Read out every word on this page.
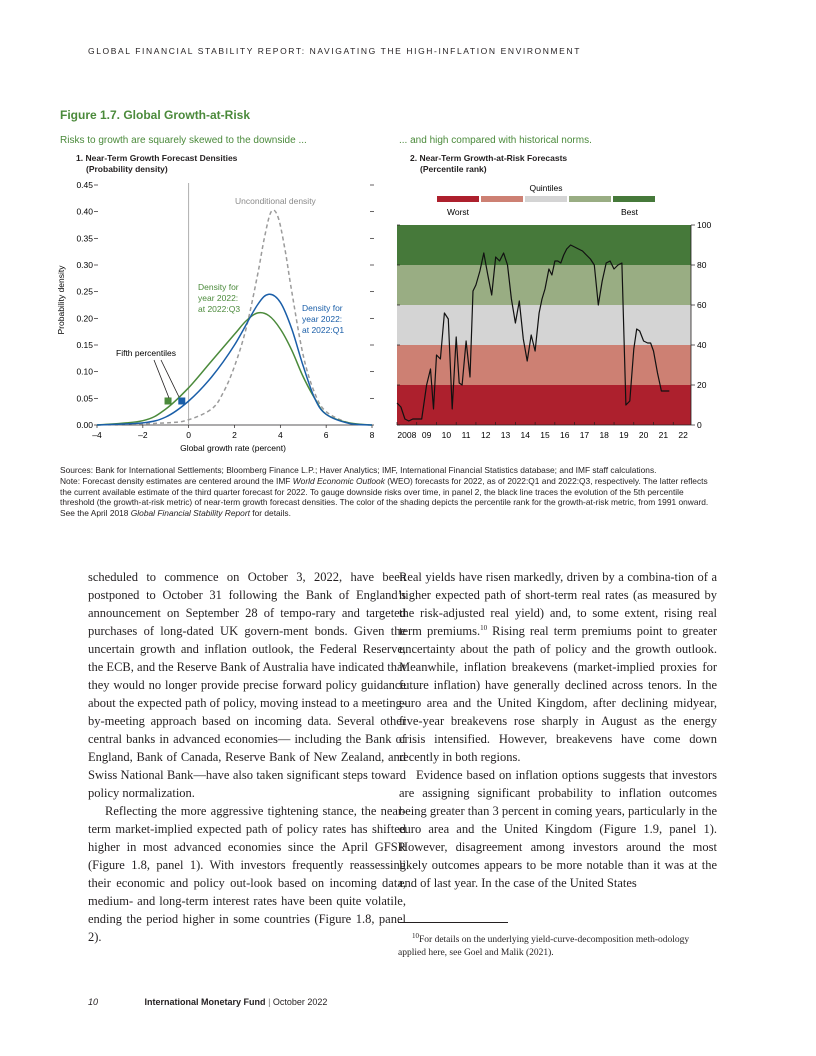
GLOBAL FINANCIAL STABILITY REPORT: NAVIGATING THE HIGH-INFLATION ENVIRONMENT
Figure 1.7. Global Growth-at-Risk
Risks to growth are squarely skewed to the downside ...	... and high compared with historical norms.
1. Near-Term Growth Forecast Densities
(Probability density)
2. Near-Term Growth-at-Risk Forecasts
(Percentile rank)
0.00
0.05
0.10
0.15
0.20
0.25
0.30
0.35
0.40
0.45
–4	–2	0	2	4	6	8
Probability density
Global growth rate (percent)
Unconditional density
Density for year 2022: at 2022:Q3	Density for year 2022: at 2022:Q1
Fifth percentiles
0
20
40
60
80
100
2008 09 10 11 12 13 14 15 16 17 18 19 20 21 22
Quintiles
Worst	Best

Sources: Bank for International Settlements; Bloomberg Finance L.P.; Haver Analytics; IMF, International Financial Statistics database; and IMF staff calculations.

Note: Forecast density estimates are centered around the IMF World Economic Outlook (WEO) forecasts for 2022, as of 2022:Q1 and 2022:Q3, respectively. The latter reflects the current available estimate of the third quarter forecast for 2022. To gauge downside risks over time, in panel 2, the black line traces the evolution of the 5th percentile threshold (the growth-at-risk metric) of near-term growth forecast densities. The color of the shading depicts the percentile rank for the growth-at-risk metric, from 1991 onward. See the April 2018 Global Financial Stability Report for details.

scheduled to commence on October 3, 2022, have been postponed to October 31 following the Bank of England’s announcement on September 28 of tempo-rary and targeted purchases of long-dated UK govern-ment bonds. Given the uncertain growth and inflation outlook, the Federal Reserve, the ECB, and the Reserve Bank of Australia have indicated that they would no longer provide precise forward policy guidance about the expected path of policy, moving instead to a meeting-by-meeting approach based on incoming data. Several other central banks in advanced economies— including the Bank of England, Bank of Canada, Reserve Bank of New Zealand, and Swiss National Bank—have also taken significant steps toward policy normalization.

Reflecting the more aggressive tightening stance, the near-term market-implied expected path of policy rates has shifted higher in most advanced economies since the April GFSR (Figure 1.8, panel 1). With investors frequently reassessing their economic and policy out-look based on incoming data, medium- and long-term interest rates have been quite volatile, ending the period higher in some countries (Figure 1.8, panel 2).

Real yields have risen markedly, driven by a combina-tion of a higher expected path of short-term real rates (as measured by the risk-adjusted real yield) and, to some extent, rising real term premiums.$^{10}$ Rising real term premiums point to greater uncertainty about the path of policy and the growth outlook. Meanwhile, inflation breakevens (market-implied proxies for future inflation) have generally declined across tenors. In the euro area and the United Kingdom, after declining midyear, five-year breakevens rose sharply in August as the energy crisis intensified. However, breakevens have come down recently in both regions.

Evidence based on inflation options suggests that investors are assigning significant probability to inflation outcomes being greater than 3 percent in coming years, particularly in the euro area and the United Kingdom (Figure 1.9, panel 1). However, disagreement among investors around the most likely outcomes appears to be more notable than it was at the end of last year. In the case of the United States

$^{10}$For details on the underlying yield-curve-decomposition meth-odology applied here, see Goel and Malik (2021).
10	International Monetary Fund | October 2022
